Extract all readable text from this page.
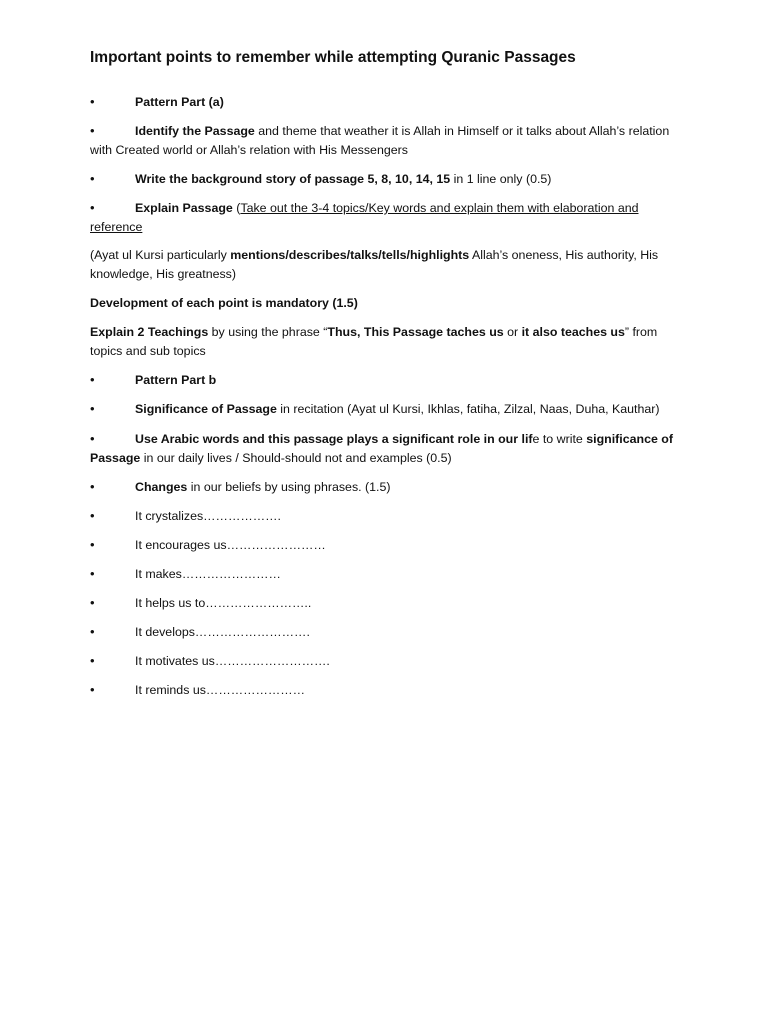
Important points to remember while attempting Quranic Passages

•	Pattern Part (a)

•	Identify the Passage and theme that weather it is Allah in Himself or it talks about Allah’s relation with Created world or Allah’s relation with His Messengers

•	Write the background story of passage 5, 8, 10, 14, 15 in 1 line only (0.5)

•	Explain Passage (Take out the 3-4 topics/Key words and explain them with elaboration and reference

(Ayat ul Kursi particularly mentions/describes/talks/tells/highlights Allah’s oneness, His authority, His knowledge, His greatness)

Development of each point is mandatory (1.5)

Explain 2 Teachings by using the phrase “Thus, This Passage taches us or it also teaches us” from topics and sub topics

•	Pattern Part b

•	Significance of Passage in recitation (Ayat ul Kursi, Ikhlas, fatiha, Zilzal, Naas, Duha, Kauthar)

•	Use Arabic words and this passage plays a significant role in our life to write significance of Passage in our daily lives / Should-should not and examples (0.5)

•	Changes in our beliefs by using phrases. (1.5)

•	It crystalizes……………….

•	It encourages us……………………

•	It makes……………………

•	It helps us to……………………..

•	It develops……………………….

•	It motivates us……………………….

•	It reminds us……………………
